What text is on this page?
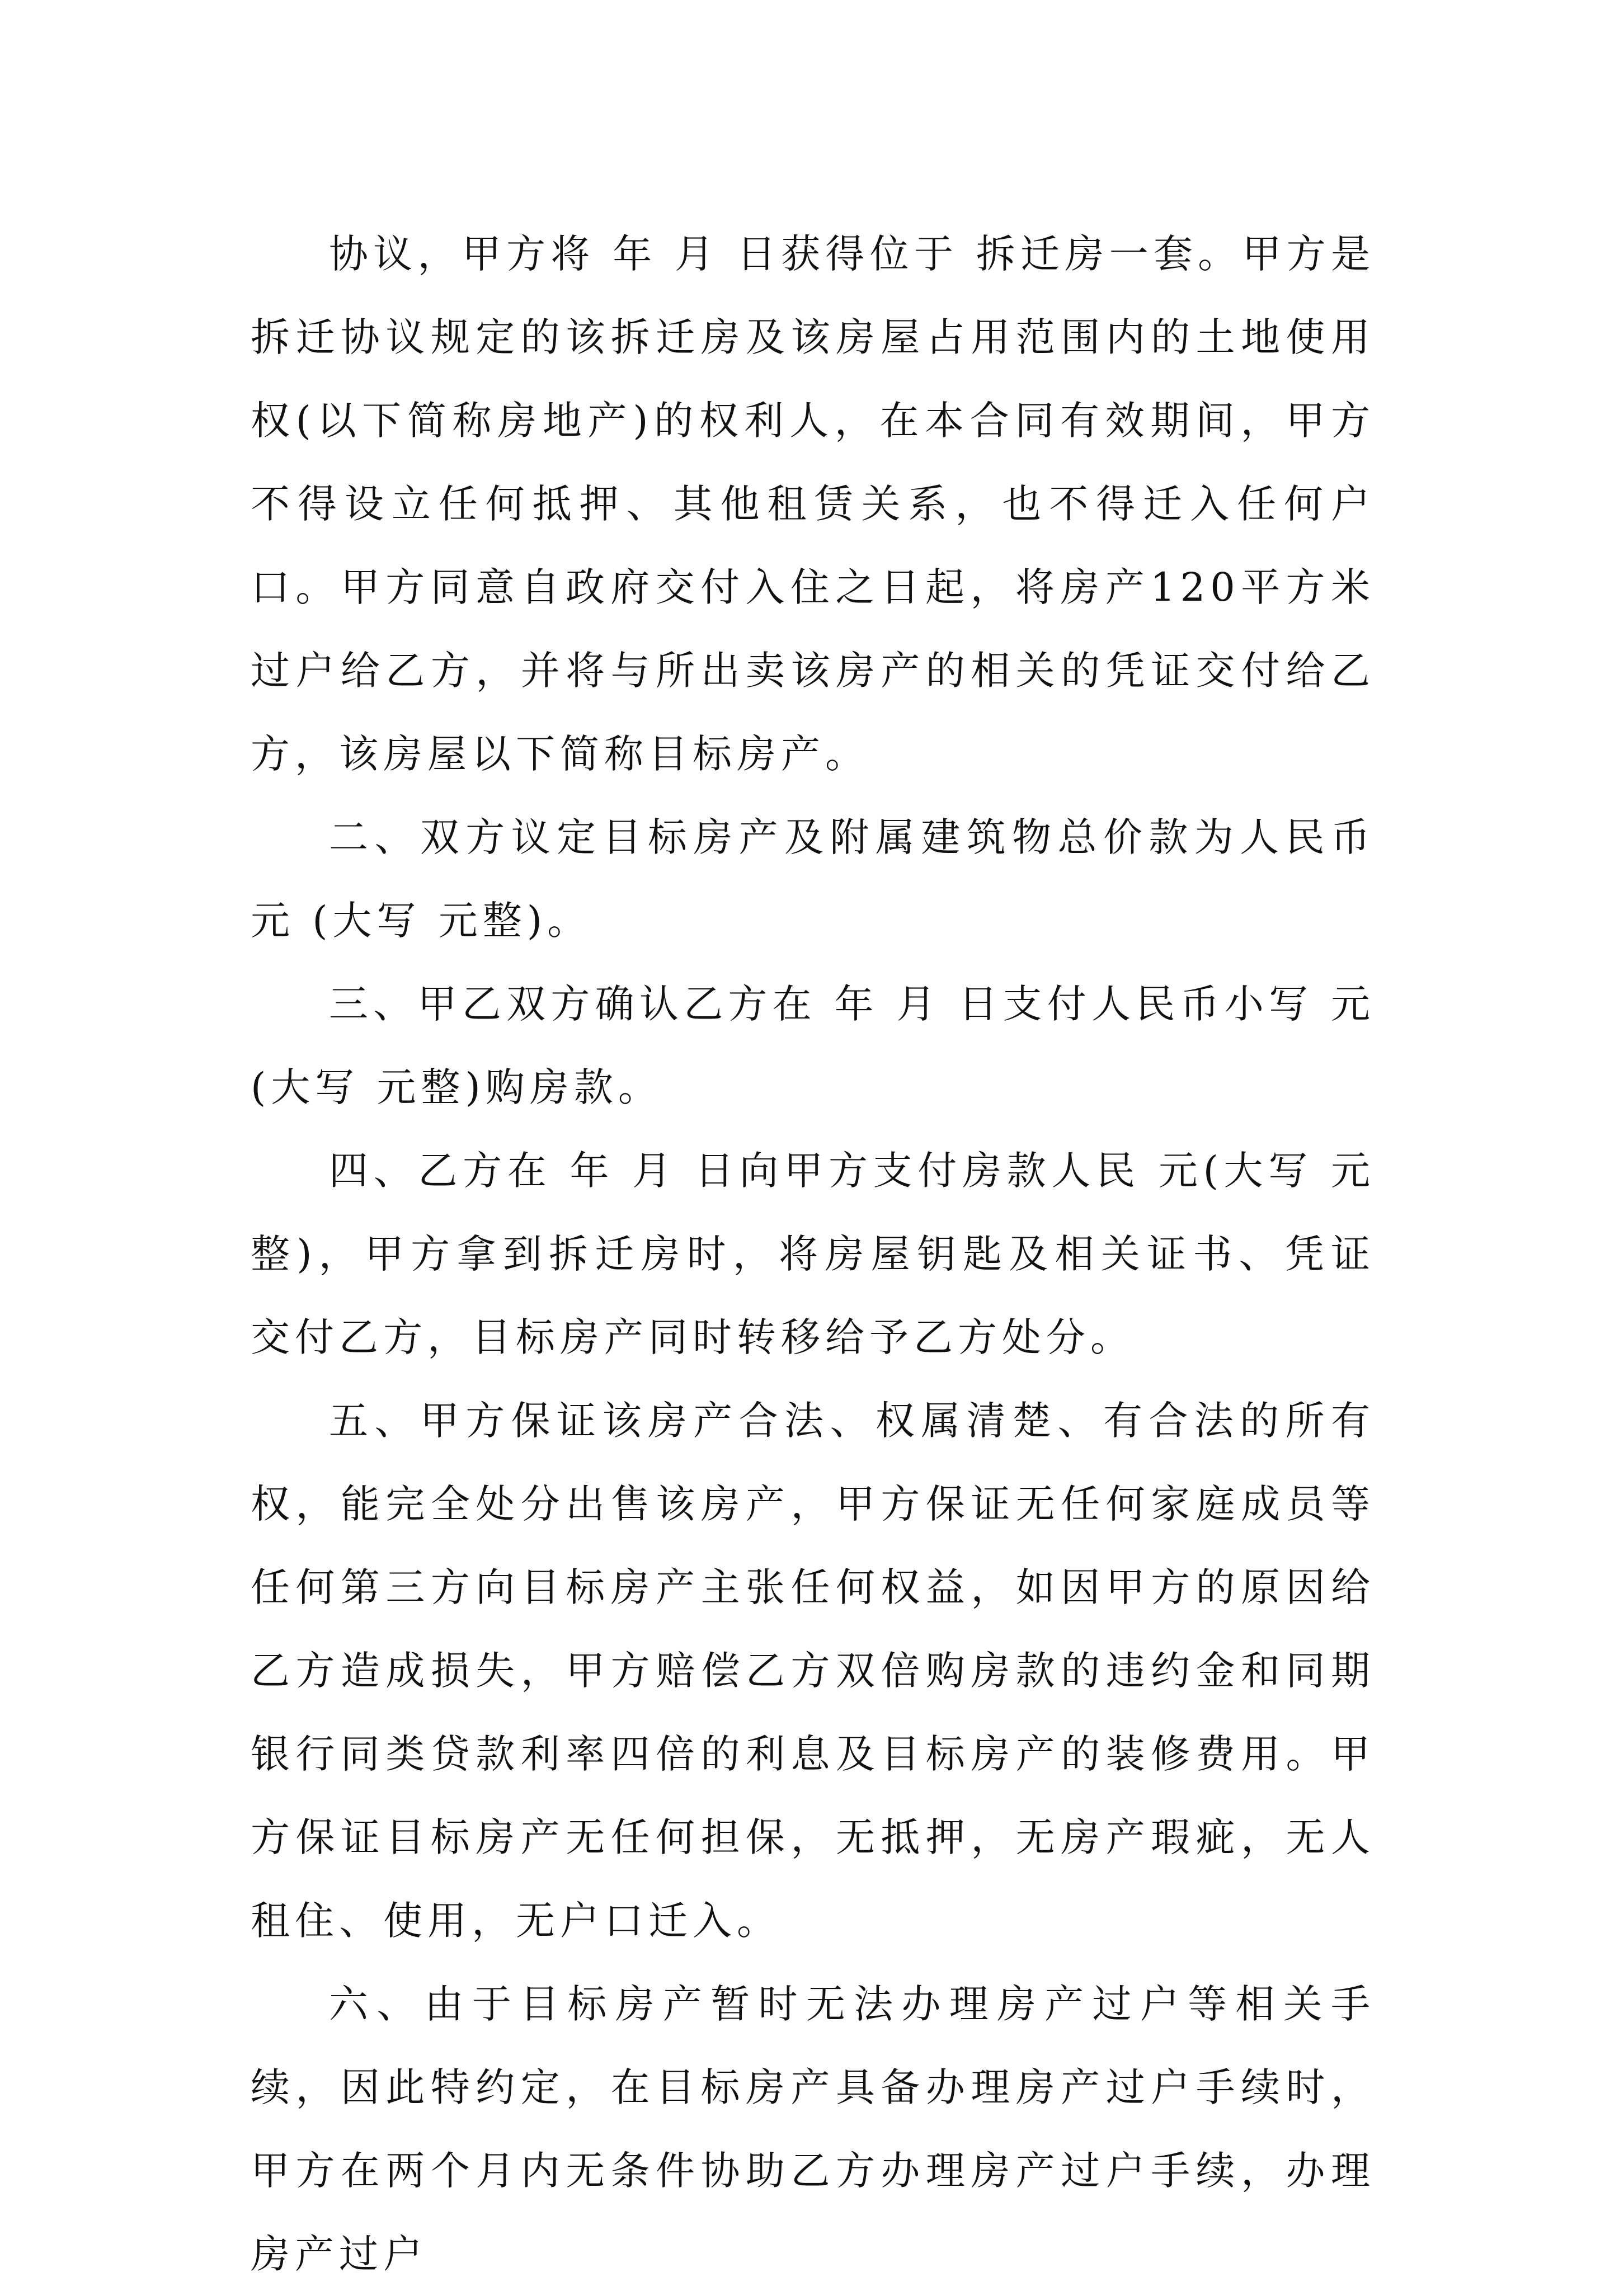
协议，甲方将 年 月 日获得位于 拆迁房一套。甲方是拆迁协议规定的该拆迁房及该房屋占用范围内的土地使用权(以下简称房地产)的权利人，在本合同有效期间，甲方不得设立任何抵押、其他租赁关系，也不得迁入任何户口。甲方同意自政府交付入住之日起，将房产120平方米过户给乙方，并将与所出卖该房产的相关的凭证交付给乙方，该房屋以下简称目标房产。

二、双方议定目标房产及附属建筑物总价款为人民币 元 (大写 元整)。

三、甲乙双方确认乙方在 年 月 日支付人民币小写 元(大写 元整)购房款。

四、乙方在 年 月 日向甲方支付房款人民 元(大写 元整)，甲方拿到拆迁房时，将房屋钥匙及相关证书、凭证交付乙方，目标房产同时转移给予乙方处分。

五、甲方保证该房产合法、权属清楚、有合法的所有权，能完全处分出售该房产，甲方保证无任何家庭成员等任何第三方向目标房产主张任何权益，如因甲方的原因给乙方造成损失，甲方赔偿乙方双倍购房款的违约金和同期银行同类贷款利率四倍的利息及目标房产的装修费用。甲方保证目标房产无任何担保，无抵押，无房产瑕疵，无人租住、使用，无户口迁入。

六、由于目标房产暂时无法办理房产过户等相关手续，因此特约定，在目标房产具备办理房产过户手续时，甲方在两个月内无条件协助乙方办理房产过户手续，办理房产过户
